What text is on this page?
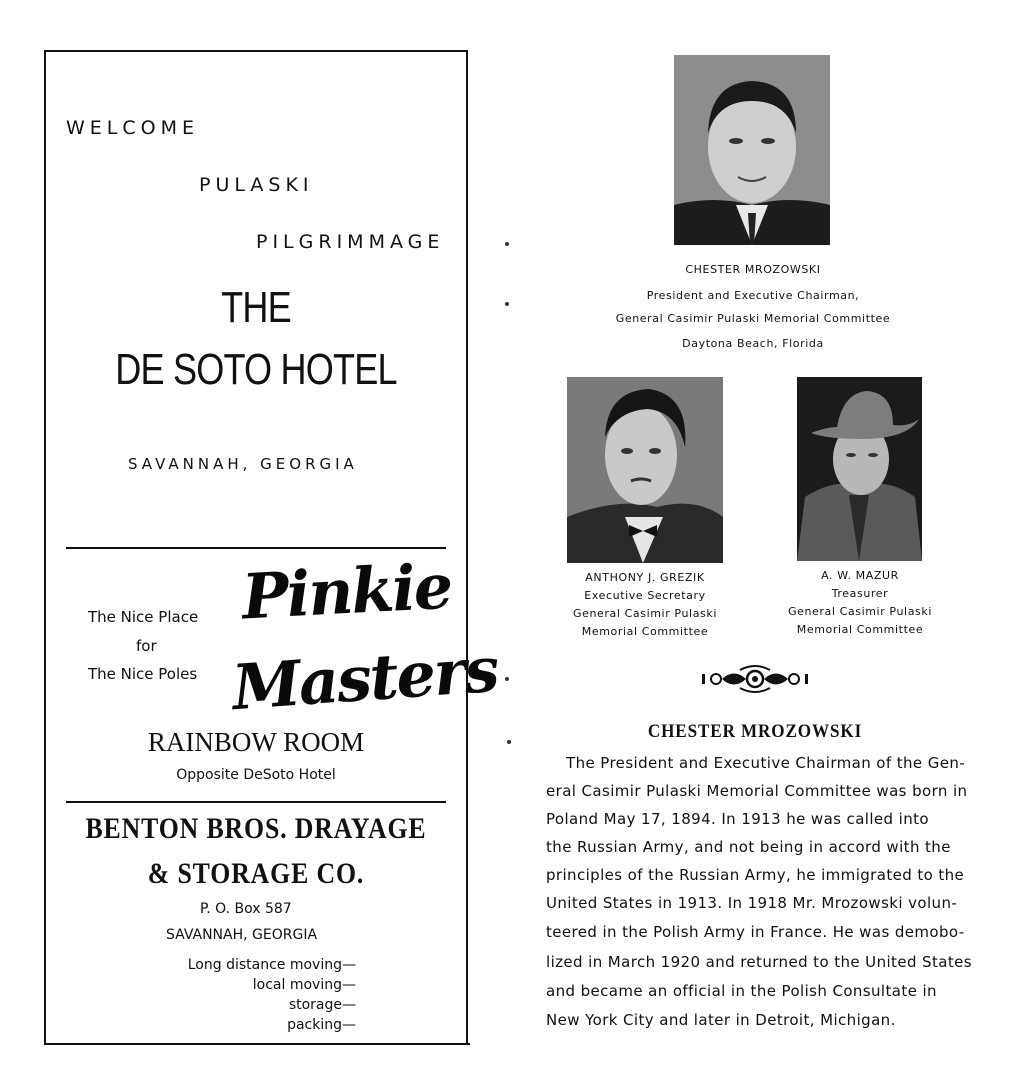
WELCOME
PULASKI
PILGRIMMAGE
THE
DE SOTO HOTEL
SAVANNAH, GEORGIA
The Nice Place
for
The Nice Poles
Pinkie
Masters
RAINBOW ROOM
Opposite DeSoto Hotel
BENTON BROS. DRAYAGE
& STORAGE CO.
P. O. Box 587
SAVANNAH, GEORGIA
Long distance moving—
local moving—
storage—
packing—
CHESTER MROZOWSKI
President and Executive Chairman,
General Casimir Pulaski Memorial Committee
Daytona Beach, Florida
ANTHONY J. GREZIK
Executive Secretary
General Casimir Pulaski
Memorial Committee
A. W. MAZUR
Treasurer
General Casimir Pulaski
Memorial Committee
CHESTER MROZOWSKI
The President and Executive Chairman of the Gen-
eral Casimir Pulaski Memorial Committee was born in
Poland May 17, 1894. In 1913 he was called into
the Russian Army, and not being in accord with the
principles of the Russian Army, he immigrated to the
United States in 1913. In 1918 Mr. Mrozowski volun-
teered in the Polish Army in France. He was demobo-
lized in March 1920 and returned to the United States
and became an official in the Polish Consultate in
New York City and later in Detroit, Michigan.
